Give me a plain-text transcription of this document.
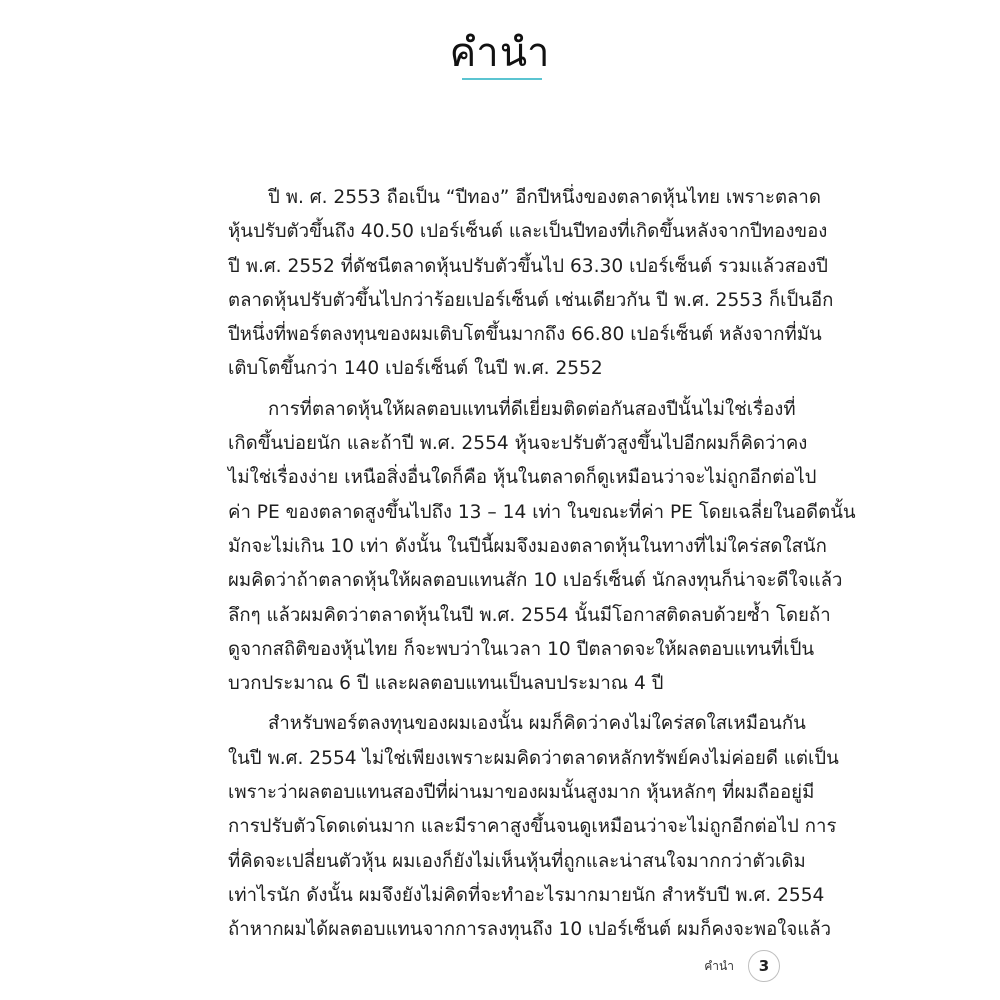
คำนำ

ปี พ. ศ. 2553 ถือเป็น “ปีทอง” อีกปีหนึ่งของตลาดหุ้นไทย เพราะตลาด
หุ้นปรับตัวขึ้นถึง 40.50 เปอร์เซ็นต์ และเป็นปีทองที่เกิดขึ้นหลังจากปีทองของ
ปี พ.ศ. 2552 ที่ดัชนีตลาดหุ้นปรับตัวขึ้นไป 63.30 เปอร์เซ็นต์ รวมแล้วสองปี
ตลาดหุ้นปรับตัวขึ้นไปกว่าร้อยเปอร์เซ็นต์ เช่นเดียวกัน ปี พ.ศ. 2553 ก็เป็นอีก
ปีหนึ่งที่พอร์ตลงทุนของผมเติบโตขึ้นมากถึง 66.80 เปอร์เซ็นต์ หลังจากที่มัน
เติบโตขึ้นกว่า 140 เปอร์เซ็นต์ ในปี พ.ศ. 2552

การที่ตลาดหุ้นให้ผลตอบแทนที่ดีเยี่ยมติดต่อกันสองปีนั้นไม่ใช่เรื่องที่
เกิดขึ้นบ่อยนัก และถ้าปี พ.ศ. 2554 หุ้นจะปรับตัวสูงขึ้นไปอีกผมก็คิดว่าคง
ไม่ใช่เรื่องง่าย เหนือสิ่งอื่นใดก็คือ หุ้นในตลาดก็ดูเหมือนว่าจะไม่ถูกอีกต่อไป
ค่า PE ของตลาดสูงขึ้นไปถึง 13 – 14 เท่า ในขณะที่ค่า PE โดยเฉลี่ยในอดีตนั้น
มักจะไม่เกิน 10 เท่า ดังนั้น ในปีนี้ผมจึงมองตลาดหุ้นในทางที่ไม่ใคร่สดใสนัก
ผมคิดว่าถ้าตลาดหุ้นให้ผลตอบแทนสัก 10 เปอร์เซ็นต์ นักลงทุนก็น่าจะดีใจแล้ว
ลึกๆ แล้วผมคิดว่าตลาดหุ้นในปี พ.ศ. 2554 นั้นมีโอกาสติดลบด้วยซ้ำ โดยถ้า
ดูจากสถิติของหุ้นไทย ก็จะพบว่าในเวลา 10 ปีตลาดจะให้ผลตอบแทนที่เป็น
บวกประมาณ 6 ปี และผลตอบแทนเป็นลบประมาณ 4 ปี

สำหรับพอร์ตลงทุนของผมเองนั้น ผมก็คิดว่าคงไม่ใคร่สดใสเหมือนกัน
ในปี พ.ศ. 2554 ไม่ใช่เพียงเพราะผมคิดว่าตลาดหลักทรัพย์คงไม่ค่อยดี แต่เป็น
เพราะว่าผลตอบแทนสองปีที่ผ่านมาของผมนั้นสูงมาก หุ้นหลักๆ ที่ผมถืออยู่มี
การปรับตัวโดดเด่นมาก และมีราคาสูงขึ้นจนดูเหมือนว่าจะไม่ถูกอีกต่อไป การ
ที่คิดจะเปลี่ยนตัวหุ้น ผมเองก็ยังไม่เห็นหุ้นที่ถูกและน่าสนใจมากกว่าตัวเดิม
เท่าไรนัก ดังนั้น ผมจึงยังไม่คิดที่จะทำอะไรมากมายนัก สำหรับปี พ.ศ. 2554
ถ้าหากผมได้ผลตอบแทนจากการลงทุนถึง 10 เปอร์เซ็นต์ ผมก็คงจะพอใจแล้ว

คำนำ	3
